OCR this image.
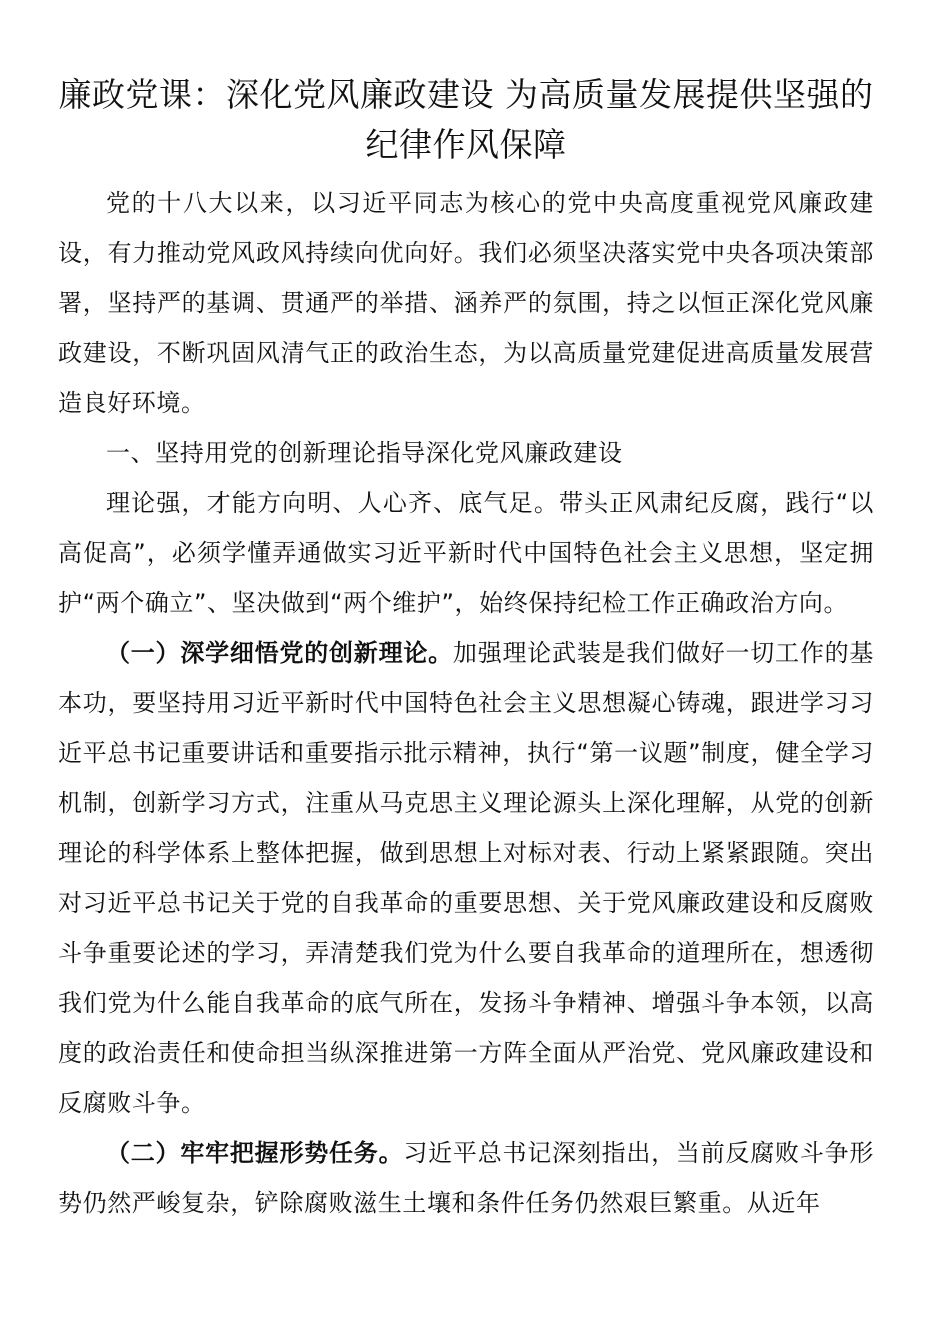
廉政党课：深化党风廉政建设 为高质量发展提供坚强的纪律作风保障

党的十八大以来，以习近平同志为核心的党中央高度重视党风廉政建设，有力推动党风政风持续向优向好。我们必须坚决落实党中央各项决策部署，坚持严的基调、贯通严的举措、涵养严的氛围，持之以恒正深化党风廉政建设，不断巩固风清气正的政治生态，为以高质量党建促进高质量发展营造良好环境。

一、坚持用党的创新理论指导深化党风廉政建设

理论强，才能方向明、人心齐、底气足。带头正风肃纪反腐，践行“以高促高”，必须学懂弄通做实习近平新时代中国特色社会主义思想，坚定拥护“两个确立”、坚决做到“两个维护”，始终保持纪检工作正确政治方向。

（一）深学细悟党的创新理论。加强理论武装是我们做好一切工作的基本功，要坚持用习近平新时代中国特色社会主义思想凝心铸魂，跟进学习习近平总书记重要讲话和重要指示批示精神，执行“第一议题”制度，健全学习机制，创新学习方式，注重从马克思主义理论源头上深化理解，从党的创新理论的科学体系上整体把握，做到思想上对标对表、行动上紧紧跟随。突出对习近平总书记关于党的自我革命的重要思想、关于党风廉政建设和反腐败斗争重要论述的学习，弄清楚我们党为什么要自我革命的道理所在，想透彻我们党为什么能自我革命的底气所在，发扬斗争精神、增强斗争本领，以高度的政治责任和使命担当纵深推进第一方阵全面从严治党、党风廉政建设和反腐败斗争。

（二）牢牢把握形势任务。习近平总书记深刻指出，当前反腐败斗争形势仍然严峻复杂，铲除腐败滋生土壤和条件任务仍然艰巨繁重。从近年
